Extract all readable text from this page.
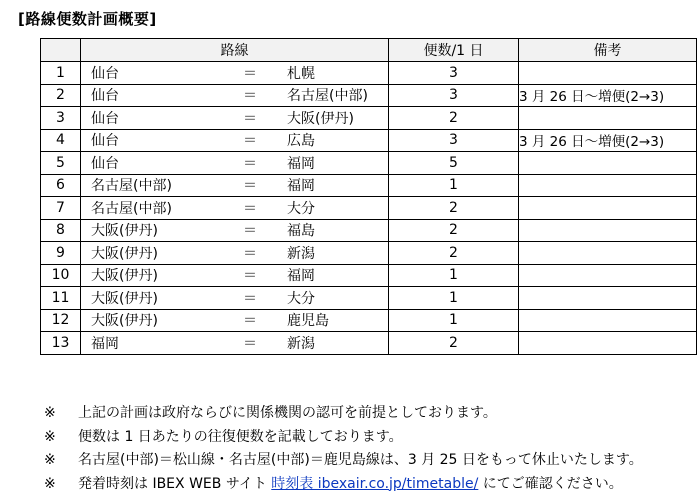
[路線便数計画概要]
	路線	便数/1 日	備考
1	仙台 ＝ 札幌	3	
2	仙台 ＝ 名古屋(中部)	3	3 月 26 日～増便(2→3)
3	仙台 ＝ 大阪(伊丹)	2	
4	仙台 ＝ 広島	3	3 月 26 日～増便(2→3)
5	仙台 ＝ 福岡	5	
6	名古屋(中部) ＝ 福岡	1	
7	名古屋(中部) ＝ 大分	2	
8	大阪(伊丹) ＝ 福島	2	
9	大阪(伊丹) ＝ 新潟	2	
10	大阪(伊丹) ＝ 福岡	1	
11	大阪(伊丹) ＝ 大分	1	
12	大阪(伊丹) ＝ 鹿児島	1	
13	福岡 ＝ 新潟	2	
※ 上記の計画は政府ならびに関係機関の認可を前提としております。
※ 便数は 1 日あたりの往復便数を記載しております。
※ 名古屋(中部)＝松山線・名古屋(中部)＝鹿児島線は、3 月 25 日をもって休止いたします。
※ 発着時刻は IBEX WEB サイト 時刻表 ibexair.co.jp/timetable/ にてご確認ください。
